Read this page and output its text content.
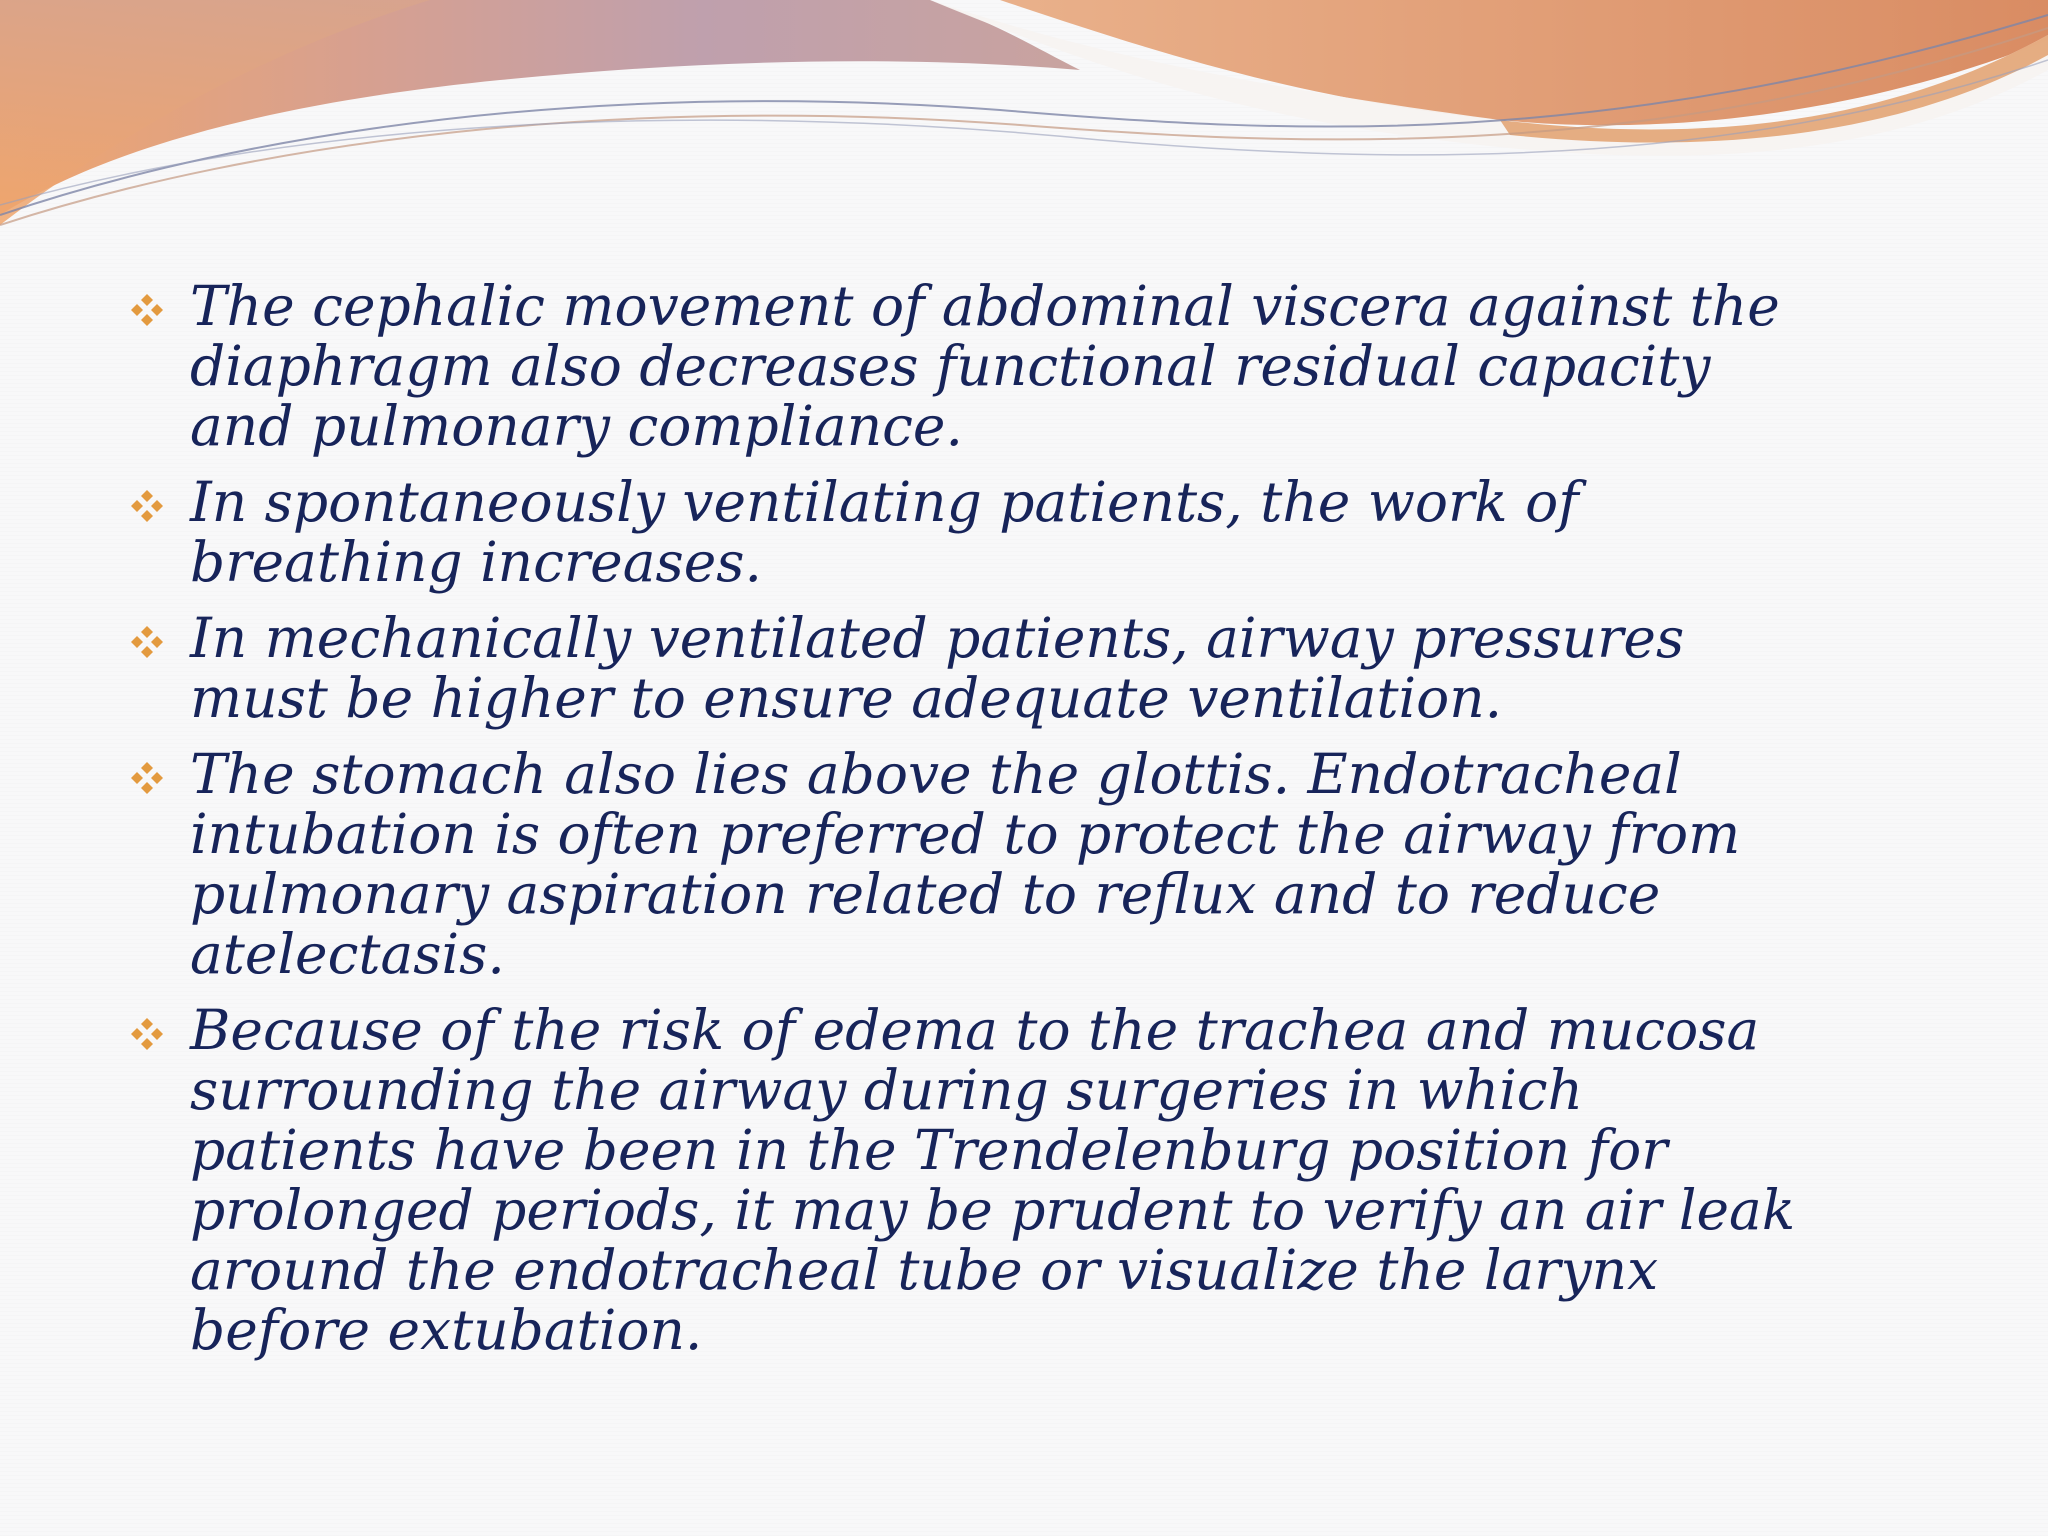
The cephalic movement of abdominal viscera against the
diaphragm also decreases functional residual capacity
and pulmonary compliance.
In spontaneously ventilating patients, the work of
breathing increases.
In mechanically ventilated patients, airway pressures
must be higher to ensure adequate ventilation.
The stomach also lies above the glottis. Endotracheal
intubation is often preferred to protect the airway from
pulmonary aspiration related to reflux and to reduce
atelectasis.
Because of the risk of edema to the trachea and mucosa
surrounding the airway during surgeries in which
patients have been in the Trendelenburg position for
prolonged periods, it may be prudent to verify an air leak
around the endotracheal tube or visualize the larynx
before extubation.
